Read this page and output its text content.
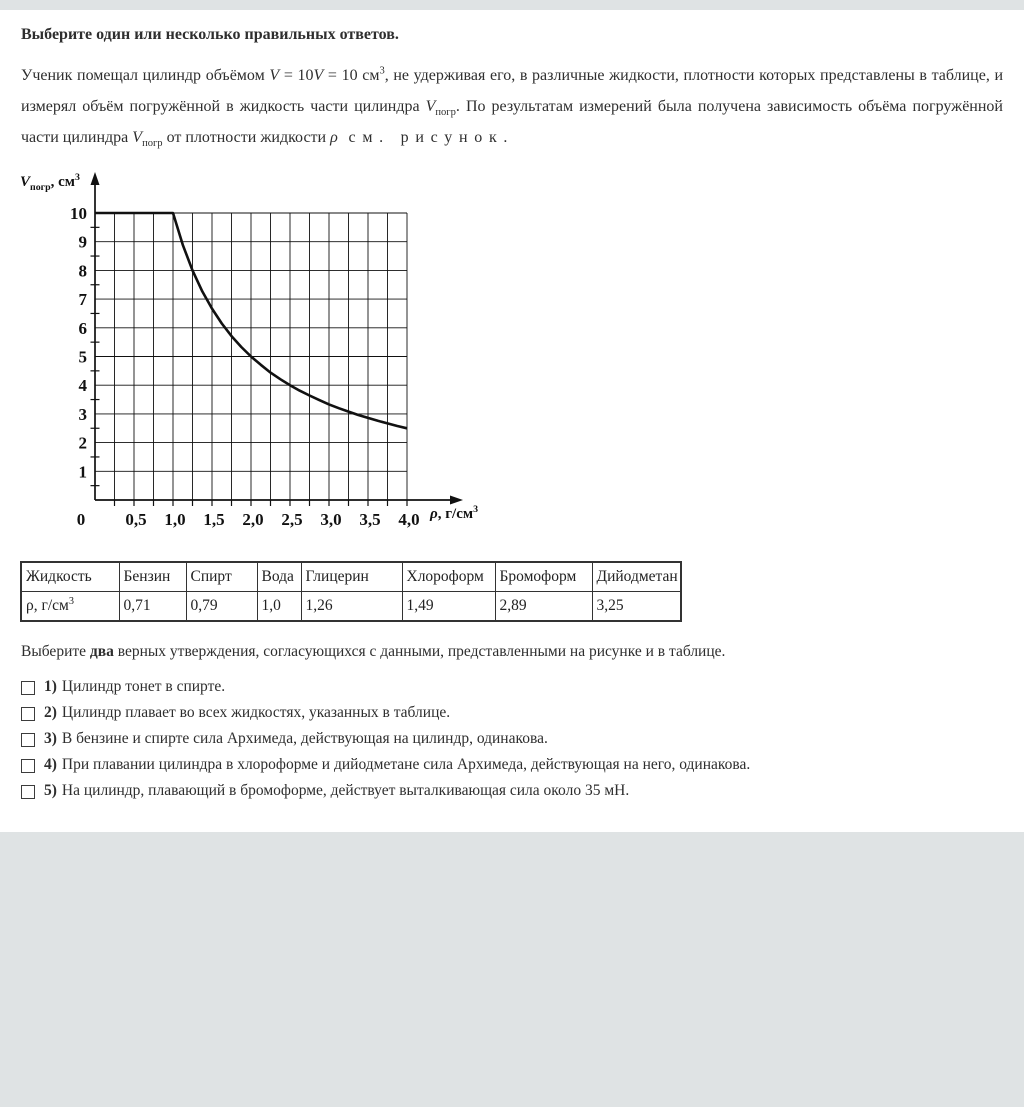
Выберите один или несколько правильных ответов.

Ученик помещал цилиндр объёмом V = 10V = 10 $см^3$, не удерживая его, в различные жидкости, плотности которых представлены в таблице, и измерял объём погружённой в жидкость части цилиндра $V_{погр}$. По результатам измерений была получена зависимость объёма погружённой части цилиндра $V_{погр}$ от плотности жидкости ρ см. рисунок.

0 0,5 1,0 1,5 2,0 2,5 3,0 3,5 4,0
1
2
3
4
5
6
7
8
9
10
$V_{погр}$, $см^3$
ρ, $г/см^3$
Жидкость	Бензин	Спирт	Вода	Глицерин	Хлороформ	Бромоформ	Дийодметан
ρ, $г/см^3$	0,71	0,79	1,0	1,26	1,49	2,89	3,25

Выберите два верных утверждения, согласующихся с данными, представленными на рисунке и в таблице.

1) Цилиндр тонет в спирте.
2) Цилиндр плавает во всех жидкостях, указанных в таблице.
3) В бензине и спирте сила Архимеда, действующая на цилиндр, одинакова.
4) При плавании цилиндра в хлороформе и дийодметане сила Архимеда, действующая на него, одинакова.
5) На цилиндр, плавающий в бромоформе, действует выталкивающая сила около 35 мН.
